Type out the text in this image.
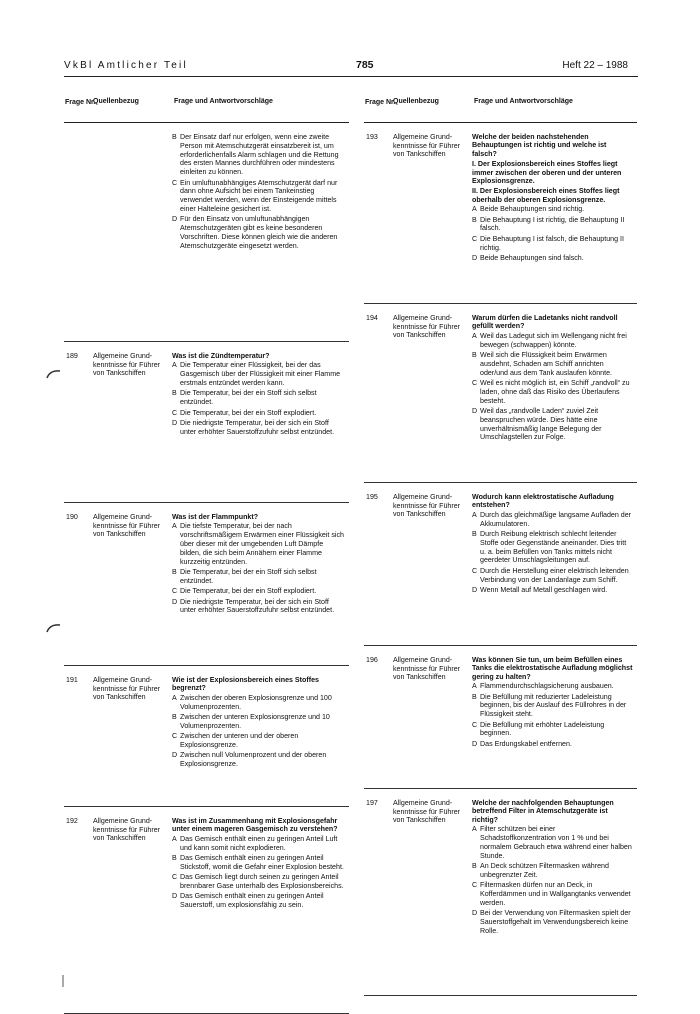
VkBl Amtlicher Teil	785	Heft 22 – 1988
Frage Nr.
Quellenbezug	Frage und Antwortvorschläge
B Der Einsatz darf nur erfolgen, wenn eine zweite Person mit Atemschutzgerät einsatzbereit ist, um erforderlichenfalls Alarm schlagen und die Rettung des ersten Mannes durchführen oder mindestens einleiten zu können.
C Ein umluftunabhängiges Atemschutzgerät darf nur dann ohne Aufsicht bei einem Tankeinstieg verwendet werden, wenn der Einsteigende mittels einer Halteleine gesichert ist.
D Für den Einsatz von umluftunabhängigen Atemschutzgeräten gibt es keine besonderen Vorschriften. Diese können gleich wie die anderen Atemschutzgeräte eingesetzt werden.
189 Allgemeine Grund-kenntnisse für Führer von Tankschiffen
Was ist die Zündtemperatur?
A Die Temperatur einer Flüssigkeit, bei der das Gasgemisch über der Flüssigkeit mit einer Flamme erstmals entzündet werden kann.
B Die Temperatur, bei der ein Stoff sich selbst entzündet.
C Die Temperatur, bei der ein Stoff explodiert.
D Die niedrigste Temperatur, bei der sich ein Stoff unter erhöhter Sauerstoffzufuhr selbst entzündet.
190 Allgemeine Grund-kenntnisse für Führer von Tankschiffen
Was ist der Flammpunkt?
A Die tiefste Temperatur, bei der nach vorschriftsmäßigem Erwärmen einer Flüssigkeit sich über dieser mit der umgebenden Luft Dämpfe bilden, die sich beim Annähern einer Flamme kurzzeitig entzünden.
B Die Temperatur, bei der ein Stoff sich selbst entzündet.
C Die Temperatur, bei der ein Stoff explodiert.
D Die niedrigste Temperatur, bei der sich ein Stoff unter erhöhter Sauerstoffzufuhr selbst entzündet.
191 Allgemeine Grund-kenntnisse für Führer von Tankschiffen
Wie ist der Explosionsbereich eines Stoffes begrenzt?
A Zwischen der oberen Explosionsgrenze und 100 Volumenprozenten.
B Zwischen der unteren Explosionsgrenze und 10 Volumenprozenten.
C Zwischen der unteren und der oberen Explosionsgrenze.
D Zwischen null Volumenprozent und der oberen Explosionsgrenze.
192 Allgemeine Grund-kenntnisse für Führer von Tankschiffen
Was ist im Zusammenhang mit Explosionsgefahr unter einem mageren Gasgemisch zu verstehen?
A Das Gemisch enthält einen zu geringen Anteil Luft und kann somit nicht explodieren.
B Das Gemisch enthält einen zu geringen Anteil Stickstoff, womit die Gefahr einer Explosion besteht.
C Das Gemisch liegt durch seinen zu geringen Anteil brennbarer Gase unterhalb des Explosionsbereichs.
D Das Gemisch enthält einen zu geringen Anteil Sauerstoff, um explosionsfähig zu sein.
Frage Nr.
Quellenbezug	Frage und Antwortvorschläge
193 Allgemeine Grund-kenntnisse für Führer von Tankschiffen
Welche der beiden nachstehenden Behauptungen ist richtig und welche ist falsch?
I. Der Explosionsbereich eines Stoffes liegt immer zwischen der oberen und der unteren Explosionsgrenze.
II. Der Explosionsbereich eines Stoffes liegt oberhalb der oberen Explosionsgrenze.
A Beide Behauptungen sind richtig.
B Die Behauptung I ist richtig, die Behauptung II falsch.
C Die Behauptung I ist falsch, die Behauptung II richtig.
D Beide Behauptungen sind falsch.
194 Allgemeine Grund-kenntnisse für Führer von Tankschiffen
Warum dürfen die Ladetanks nicht randvoll gefüllt werden?
A Weil das Ladegut sich im Wellengang nicht frei bewegen (schwappen) könnte.
B Weil sich die Flüssigkeit beim Erwärmen ausdehnt, Schaden am Schiff anrichten oder/und aus dem Tank auslaufen könnte.
C Weil es nicht möglich ist, ein Schiff „randvoll“ zu laden, ohne daß das Risiko des Überlaufens besteht.
D Weil das „randvolle Laden“ zuviel Zeit beanspruchen würde. Dies hätte eine unverhältnismäßig lange Belegung der Umschlagstellen zur Folge.
195 Allgemeine Grund-kenntnisse für Führer von Tankschiffen
Wodurch kann elektrostatische Aufladung entstehen?
A Durch das gleichmäßige langsame Aufladen der Akkumulatoren.
B Durch Reibung elektrisch schlecht leitender Stoffe oder Gegenstände aneinander. Dies tritt u. a. beim Befüllen von Tanks mittels nicht geerdeter Umschlagsleitungen auf.
C Durch die Herstellung einer elektrisch leitenden Verbindung von der Landanlage zum Schiff.
D Wenn Metall auf Metall geschlagen wird.
196 Allgemeine Grund-kenntnisse für Führer von Tankschiffen
Was können Sie tun, um beim Befüllen eines Tanks die elektrostatische Aufladung möglichst gering zu halten?
A Flammendurchschlagsicherung ausbauen.
B Die Befüllung mit reduzierter Ladeleistung beginnen, bis der Auslauf des Füllrohres in der Flüssigkeit steht.
C Die Befüllung mit erhöhter Ladeleistung beginnen.
D Das Erdungskabel entfernen.
197 Allgemeine Grund-kenntnisse für Führer von Tankschiffen
Welche der nachfolgenden Behauptungen betreffend Filter in Atemschutzgeräte ist richtig?
A Filter schützen bei einer Schadstoffkonzentration von 1 % und bei normalem Gebrauch etwa während einer halben Stunde.
B An Deck schützen Filtermasken während unbegrenzter Zeit.
C Filtermasken dürfen nur an Deck, in Kofferdämmen und in Wallgangtanks verwendet werden.
D Bei der Verwendung von Filtermasken spielt der Sauerstoffgehalt im Verwendungsbereich keine Rolle.
